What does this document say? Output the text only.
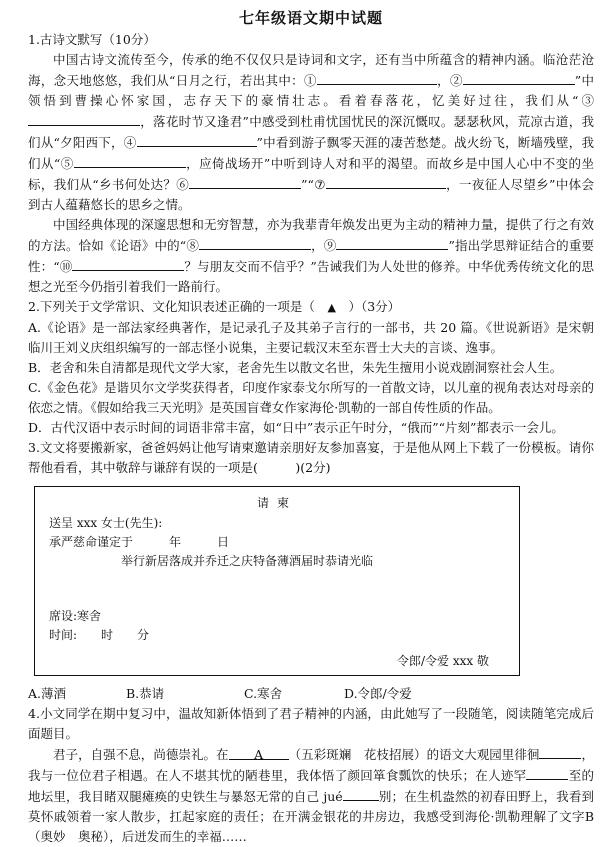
七年级语文期中试题

1.古诗文默写（10分）

中国古诗文流传至今，传承的绝不仅仅只是诗词和文字，还有当中所蕴含的精神内涵。临沧茫沧海，念天地悠悠，我们从“日月之行，若出其中：①	，②	”中领悟到曹操心怀家国，志存天下的豪情壮志。看着春落花，忆美好过往，我们从“③，落花时节又逢君”中感受到杜甫忧国忧民的深沉慨叹。瑟瑟秋风，荒凉古道，我们从“夕阳西下，④	”中看到游子飘零天涯的凄苦愁楚。战火纷飞，断墙残壁，我们从“⑤	，应倚战场开”中听到诗人对和平的渴望。而故乡是中国人心中不变的坐标，我们从“乡书何处达？⑥	”“⑦	，一夜征人尽望乡”中体会到古人蕴藉悠长的思乡之情。

中国经典体现的深邃思想和无穷智慧，亦为我辈青年焕发出更为主动的精神力量，提供了行之有效的方法。恰如《论语》中的“⑧	，⑨	”指出学思辩证结合的重要性：“⑩	？与朋友交而不信乎？”告诫我们为人处世的修养。中华优秀传统文化的思想之光至今仍指引着我们一路前行。

2.下列关于文学常识、文化知识表述正确的一项是（　 ▲　 ）（3分）

A.《论语》是一部法家经典著作，是记录孔子及其弟子言行的一部书，共 20 篇。《世说新语》是宋朝临川王刘义庆组织编写的一部志怪小说集，主要记载汉末至东晋士大夫的言谈、逸事。

B．老舍和朱自清都是现代文学大家，老舍先生以散文名世，朱先生擅用小说戏剧洞察社会人生。

C.《金色花》是谐贝尔文学奖获得者，印度作家泰戈尔所写的一首散文诗，以儿童的视角表达对母亲的依恋之情。《假如给我三天光明》是英国盲聋女作家海伦·凯勒的一部自传性质的作品。

D．古代汉语中表示时间的词语非常丰富，如“日中”表示正午时分，“俄而”“片刻”都表示一会儿。

3.文文将要搬新家，爸爸妈妈让他写请柬邀请亲朋好友参加喜宴，于是他从网上下载了一份模板。请你帮他看看，其中敬辞与谦辞有误的一项是(　　　)(2分)

请柬
送呈 xxx 女士(先生):
承严慈命谨定于　　　年　　　日
举行新居落成并乔迁之庆特备薄酒届时恭请光临
席设:寒舍
时间:　　时　　分
令郎/令爱 xxx 敬
A.薄酒	B.恭请	C.寒舍	D.令郎/令爱

4.小文同学在期中复习中，温故知新体悟到了君子精神的内涵，由此她写了一段随笔，阅读随笔完成后面题目。

君子，自强不息，尚德崇礼。在 A （五彩斑斓　花枝招展）的语文大观园里徘徊	，我与一位位君子相遇。在人不堪其忧的陋巷里，我体悟了颜回箪食瓢饮的快乐；在人迹罕	至的地坛里，我目睹双腿瘫痪的史铁生与暴怒无常的自己 jué	别；在生机盎然的初春田野上，我看到莫怀戚领着一家人散步，扛起家庭的责任；在开满金银花的井房边，我感受到海伦·凯勒理解了文字B　（奥妙　奥秘），后迸发而生的幸福……
